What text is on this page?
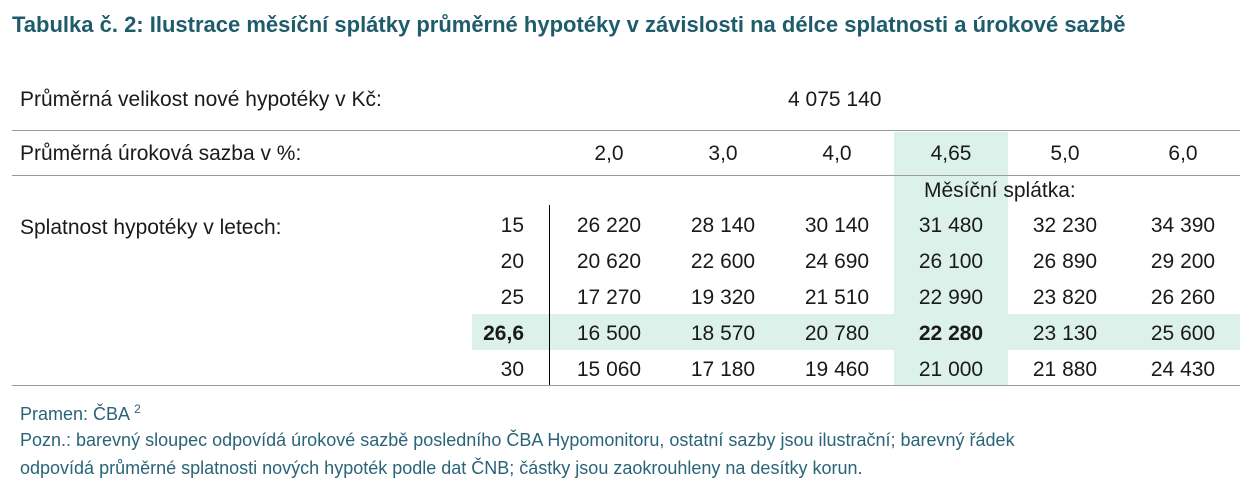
Tabulka č. 2: Ilustrace měsíční splátky průměrné hypotéky v závislosti na délce splatnosti a úrokové sazbě
Průměrná velikost nové hypotéky v Kč:	4 075 140
Průměrná úroková sazba v %:	2,0	3,0	4,0	4,65	5,0	6,0
Měsíční splátka:
Splatnost hypotéky v letech:	15	26 220	28 140	30 140	31 480	32 230	34 390
20	20 620	22 600	24 690	26 100	26 890	29 200
25	17 270	19 320	21 510	22 990	23 820	26 260
26,6	16 500	18 570	20 780	22 280	23 130	25 600
30	15 060	17 180	19 460	21 000	21 880	24 430
Pramen: ČBA $^2$
Pozn.: barevný sloupec odpovídá úrokové sazbě posledního ČBA Hypomonitoru, ostatní sazby jsou ilustrační; barevný řádek
odpovídá průměrné splatnosti nových hypoték podle dat ČNB; částky jsou zaokrouhleny na desítky korun.
